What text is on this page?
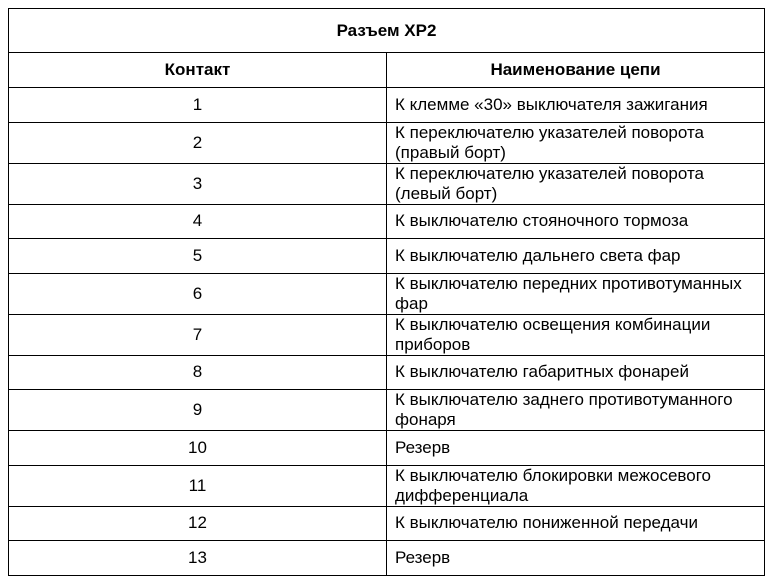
Разъем ХР2	
Контакт	Наименование цепи
1	К клемме «30» выключателя зажигания
2	К переключателю указателей поворота (правый борт)
3	К переключателю указателей поворота (левый борт)
4	К выключателю стояночного тормоза
5	К выключателю дальнего света фар
6	К выключателю передних противотуманных фар
7	К выключателю освещения комбинации приборов
8	К выключателю габаритных фонарей
9	К выключателю заднего противотуманного фонаря
10	Резерв
11	К выключателю блокировки межосевого дифференциала
12	К выключателю пониженной передачи
13	Резерв
